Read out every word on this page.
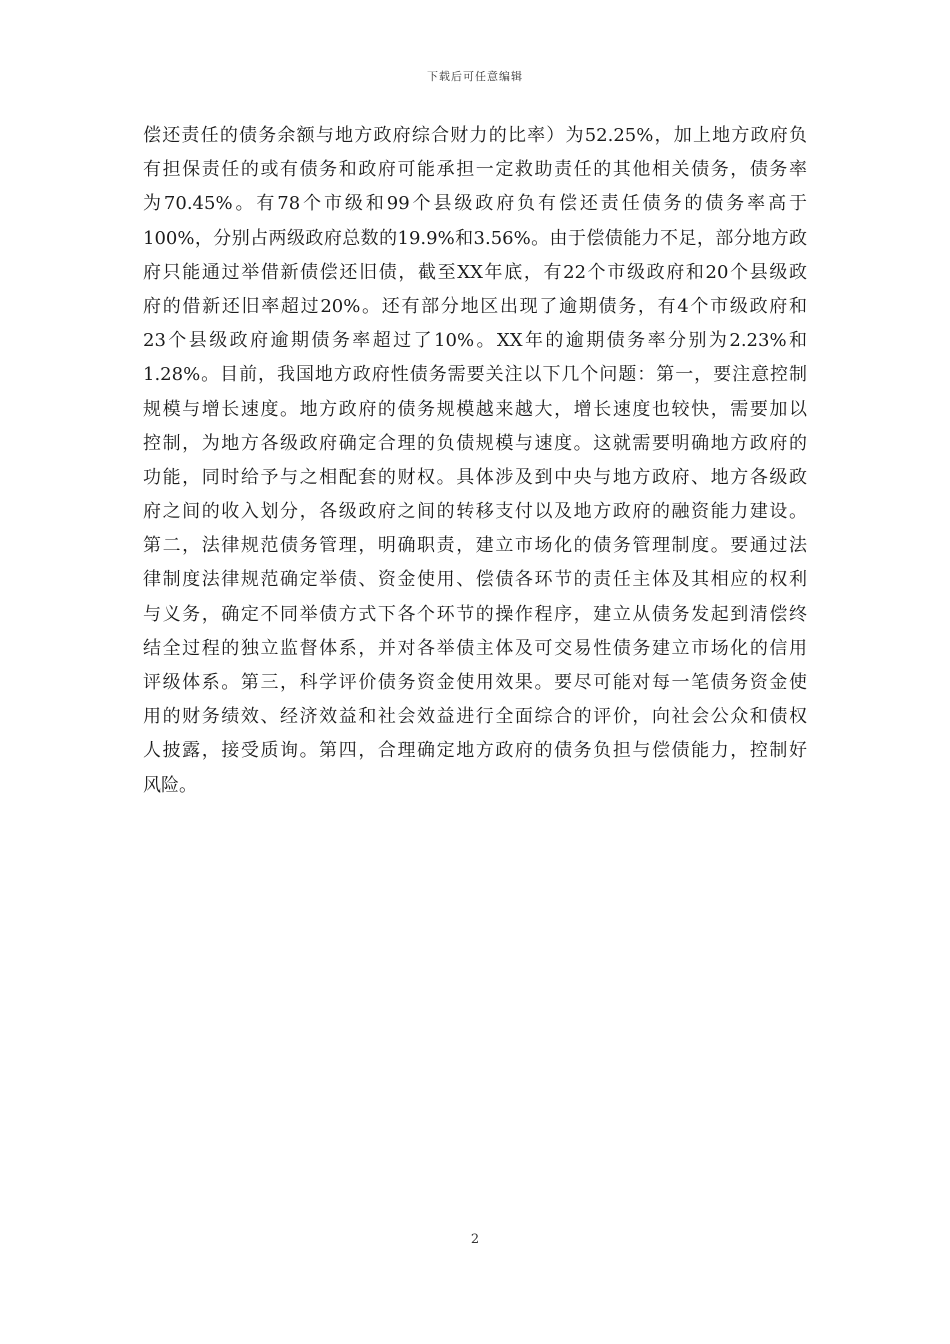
下载后可任意编辑
偿还责任的债务余额与地方政府综合财力的比率）为52.25%，加上地方政府负
有担保责任的或有债务和政府可能承担一定救助责任的其他相关债务，债务率
为70.45%。有78个市级和99个县级政府负有偿还责任债务的债务率高于
100%，分别占两级政府总数的19.9%和3.56%。由于偿债能力不足，部分地方政
府只能通过举借新债偿还旧债，截至XX年底，有22个市级政府和20个县级政
府的借新还旧率超过20%。还有部分地区出现了逾期债务，有4个市级政府和
23个县级政府逾期债务率超过了10%。XX年的逾期债务率分别为2.23%和
1.28%。目前，我国地方政府性债务需要关注以下几个问题：第一，要注意控制
规模与增长速度。地方政府的债务规模越来越大，增长速度也较快，需要加以
控制，为地方各级政府确定合理的负债规模与速度。这就需要明确地方政府的
功能，同时给予与之相配套的财权。具体涉及到中央与地方政府、地方各级政
府之间的收入划分，各级政府之间的转移支付以及地方政府的融资能力建设。
第二，法律规范债务管理，明确职责，建立市场化的债务管理制度。要通过法
律制度法律规范确定举债、资金使用、偿债各环节的责任主体及其相应的权利
与义务，确定不同举债方式下各个环节的操作程序，建立从债务发起到清偿终
结全过程的独立监督体系，并对各举债主体及可交易性债务建立市场化的信用
评级体系。第三，科学评价债务资金使用效果。要尽可能对每一笔债务资金使
用的财务绩效、经济效益和社会效益进行全面综合的评价，向社会公众和债权
人披露，接受质询。第四，合理确定地方政府的债务负担与偿债能力，控制好
风险。
2
